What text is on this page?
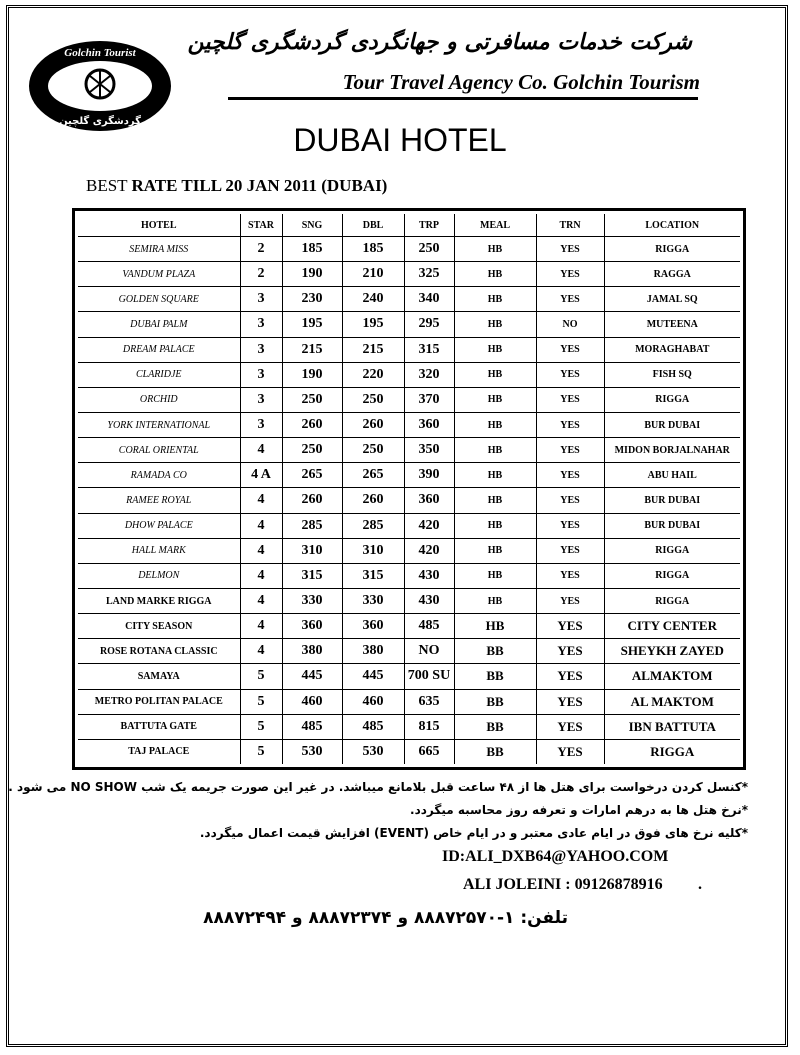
Golchin Tourist
گردشگری گلچین
شرکت خدمات مسافرتی و جهانگردی گردشگری گلچین
Tour Travel Agency Co. Golchin Tourism
DUBAI HOTEL
BEST RATE TILL 20 JAN 2011 (DUBAI)
HOTEL	STAR	SNG	DBL	TRP	MEAL	TRN	LOCATION
SEMIRA MISS	2	185	185	250	HB	YES	RIGGA
VANDUM PLAZA	2	190	210	325	HB	YES	RAGGA
GOLDEN SQUARE	3	230	240	340	HB	YES	JAMAL SQ
DUBAI PALM	3	195	195	295	HB	NO	MUTEENA
DREAM PALACE	3	215	215	315	HB	YES	MORAGHABAT
CLARIDJE	3	190	220	320	HB	YES	FISH SQ
ORCHID	3	250	250	370	HB	YES	RIGGA
YORK INTERNATIONAL	3	260	260	360	HB	YES	BUR DUBAI
CORAL ORIENTAL	4	250	250	350	HB	YES	MIDON BORJALNAHAR
RAMADA CO	4 A	265	265	390	HB	YES	ABU HAIL
RAMEE ROYAL	4	260	260	360	HB	YES	BUR DUBAI
DHOW PALACE	4	285	285	420	HB	YES	BUR DUBAI
HALL MARK	4	310	310	420	HB	YES	RIGGA
DELMON	4	315	315	430	HB	YES	RIGGA
LAND MARKE RIGGA	4	330	330	430	HB	YES	RIGGA
CITY SEASON	4	360	360	485	HB	YES	CITY CENTER
ROSE ROTANA CLASSIC	4	380	380	NO	BB	YES	SHEYKH ZAYED
SAMAYA	5	445	445	700 SU	BB	YES	ALMAKTOM
METRO POLITAN PALACE	5	460	460	635	BB	YES	AL MAKTOM
BATTUTA GATE	5	485	485	815	BB	YES	IBN BATTUTA
TAJ PALACE	5	530	530	665	BB	YES	RIGGA
*کنسل کردن درخواست برای هتل ها از ۴۸ ساعت قبل بلامانع میباشد. در غیر این صورت جریمه یک شب NO SHOW می شود .
*نرخ هتل ها به درهم امارات و تعرفه روز محاسبه میگردد.
*کلیه نرخ های فوق در ایام عادی معتبر و در ایام خاص (EVENT) افزایش قیمت اعمال میگردد.
ID:ALI_DXB64@YAHOO.COM
ALI JOLEINI : 09126878916 .
تلفن: ۱-۸۸۸۷۲۵۷۰ و ۸۸۸۷۲۳۷۴ و ۸۸۸۷۲۴۹۴
